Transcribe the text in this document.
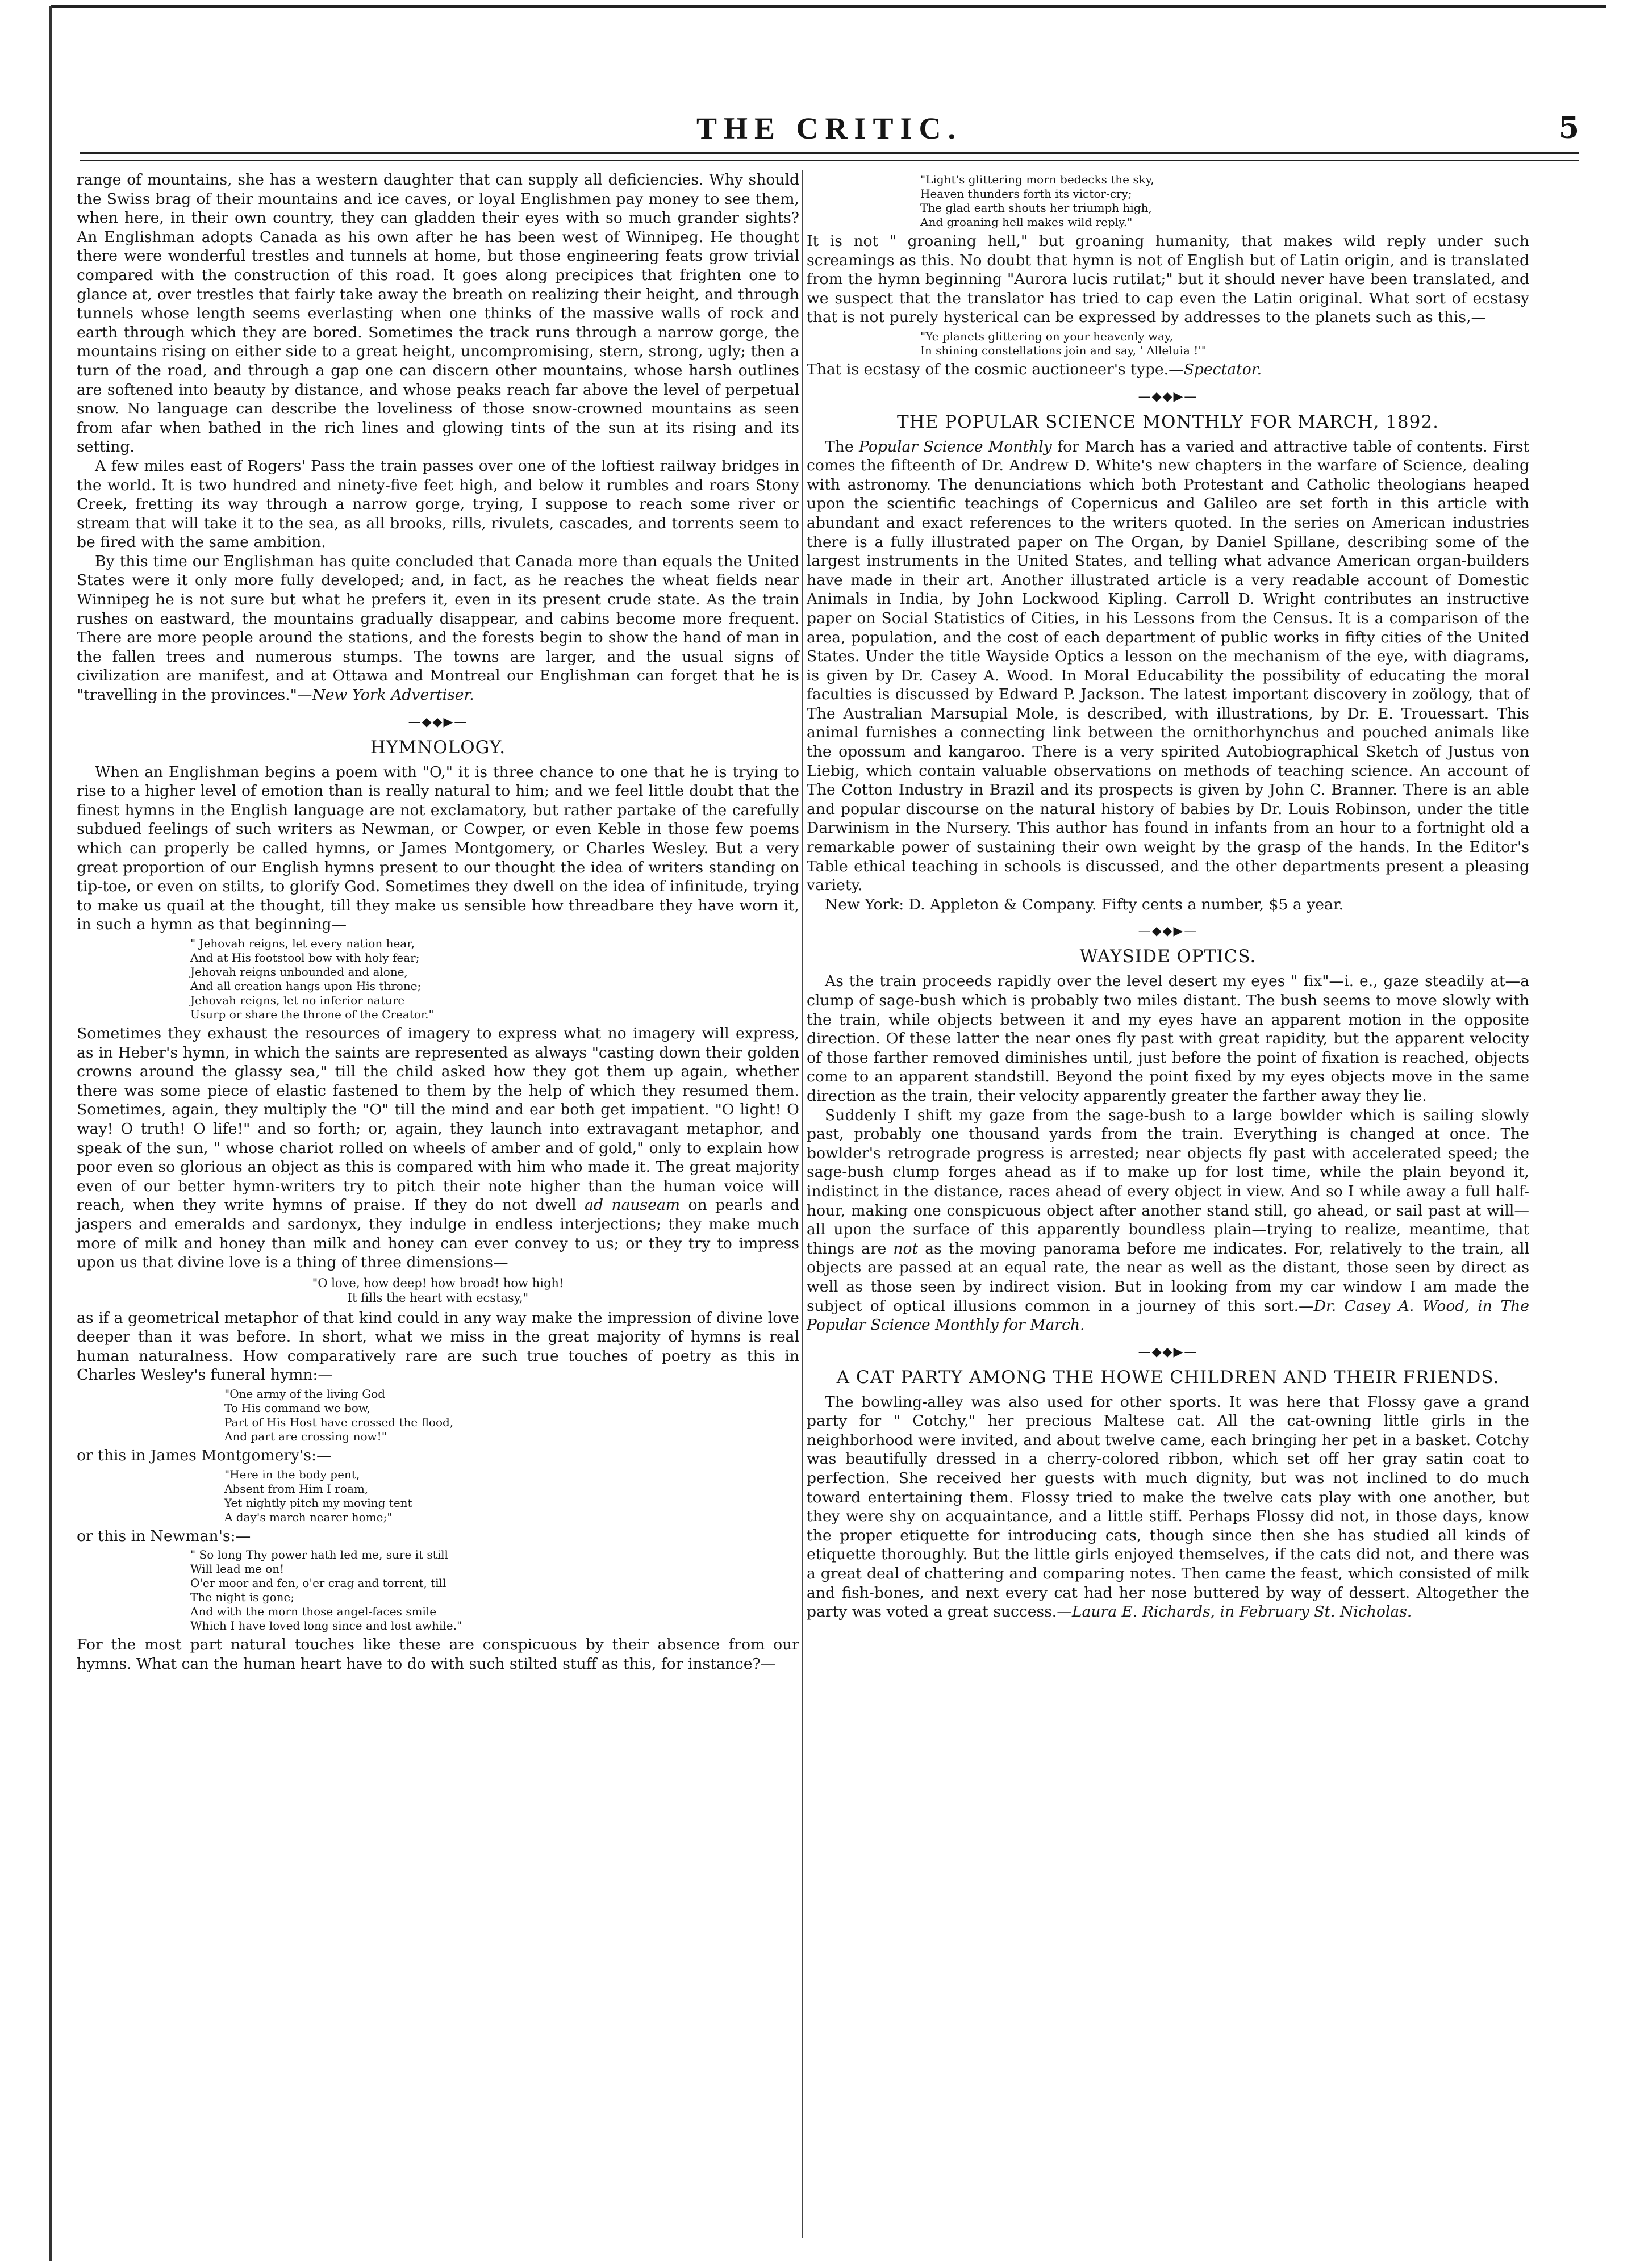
THE CRITIC.	5

range of mountains, she has a western daughter that can supply all deficiencies. Why should the Swiss brag of their mountains and ice caves, or loyal Englishmen pay money to see them, when here, in their own country, they can gladden their eyes with so much grander sights? An Englishman adopts Canada as his own after he has been west of Winnipeg. He thought there were wonderful trestles and tunnels at home, but those engineering feats grow trivial compared with the construction of this road. It goes along precipices that frighten one to glance at, over trestles that fairly take away the breath on realizing their height, and through tunnels whose length seems everlasting when one thinks of the massive walls of rock and earth through which they are bored. Sometimes the track runs through a narrow gorge, the mountains rising on either side to a great height, uncompromising, stern, strong, ugly; then a turn of the road, and through a gap one can discern other mountains, whose harsh outlines are softened into beauty by distance, and whose peaks reach far above the level of perpetual snow. No language can describe the loveliness of those snow-crowned mountains as seen from afar when bathed in the rich lines and glowing tints of the sun at its rising and its setting.

A few miles east of Rogers' Pass the train passes over one of the loftiest railway bridges in the world. It is two hundred and ninety-five feet high, and below it rumbles and roars Stony Creek, fretting its way through a narrow gorge, trying, I suppose to reach some river or stream that will take it to the sea, as all brooks, rills, rivulets, cascades, and torrents seem to be fired with the same ambition.

By this time our Englishman has quite concluded that Canada more than equals the United States were it only more fully developed; and, in fact, as he reaches the wheat fields near Winnipeg he is not sure but what he prefers it, even in its present crude state. As the train rushes on eastward, the mountains gradually disappear, and cabins become more frequent. There are more people around the stations, and the forests begin to show the hand of man in the fallen trees and numerous stumps. The towns are larger, and the usual signs of civilization are manifest, and at Ottawa and Montreal our Englishman can forget that he is "travelling in the provinces."—New York Advertiser.

—◆◆▶—
HYMNOLOGY.

When an Englishman begins a poem with "O," it is three chance to one that he is trying to rise to a higher level of emotion than is really natural to him; and we feel little doubt that the finest hymns in the English language are not exclamatory, but rather partake of the carefully subdued feelings of such writers as Newman, or Cowper, or even Keble in those few poems which can properly be called hymns, or James Montgomery, or Charles Wesley. But a very great proportion of our English hymns present to our thought the idea of writers standing on tip-toe, or even on stilts, to glorify God. Sometimes they dwell on the idea of infinitude, trying to make us quail at the thought, till they make us sensible how threadbare they have worn it, in such a hymn as that beginning—

" Jehovah reigns, let every nation hear,
And at His footstool bow with holy fear;
Jehovah reigns unbounded and alone,
And all creation hangs upon His throne;
Jehovah reigns, let no inferior nature
Usurp or share the throne of the Creator."

Sometimes they exhaust the resources of imagery to express what no imagery will express, as in Heber's hymn, in which the saints are represented as always "casting down their golden crowns around the glassy sea," till the child asked how they got them up again, whether there was some piece of elastic fastened to them by the help of which they resumed them. Sometimes, again, they multiply the "O" till the mind and ear both get impatient. "O light! O way! O truth! O life!" and so forth; or, again, they launch into extravagant metaphor, and speak of the sun, " whose chariot rolled on wheels of amber and of gold," only to explain how poor even so glorious an object as this is compared with him who made it. The great majority even of our better hymn-writers try to pitch their note higher than the human voice will reach, when they write hymns of praise. If they do not dwell ad nauseam on pearls and jaspers and emeralds and sardonyx, they indulge in endless interjections; they make much more of milk and honey than milk and honey can ever convey to us; or they try to impress upon us that divine love is a thing of three dimensions—

"O love, how deep! how broad! how high!
It fills the heart with ecstasy,"

as if a geometrical metaphor of that kind could in any way make the impression of divine love deeper than it was before. In short, what we miss in the great majority of hymns is real human naturalness. How comparatively rare are such true touches of poetry as this in Charles Wesley's funeral hymn:—

"One army of the living God
To His command we bow,
Part of His Host have crossed the flood,
And part are crossing now!"

or this in James Montgomery's:—

"Here in the body pent,
Absent from Him I roam,
Yet nightly pitch my moving tent
A day's march nearer home;"

or this in Newman's:—

" So long Thy power hath led me, sure it still
Will lead me on!
O'er moor and fen, o'er crag and torrent, till
The night is gone;
And with the morn those angel-faces smile
Which I have loved long since and lost awhile."

For the most part natural touches like these are conspicuous by their absence from our hymns. What can the human heart have to do with such stilted stuff as this, for instance?—

"Light's glittering morn bedecks the sky,
Heaven thunders forth its victor-cry;
The glad earth shouts her triumph high,
And groaning hell makes wild reply."

It is not " groaning hell," but groaning humanity, that makes wild reply under such screamings as this. No doubt that hymn is not of English but of Latin origin, and is translated from the hymn beginning "Aurora lucis rutilat;" but it should never have been translated, and we suspect that the translator has tried to cap even the Latin original. What sort of ecstasy that is not purely hysterical can be expressed by addresses to the planets such as this,—

"Ye planets glittering on your heavenly way,
In shining constellations join and say, ' Alleluia !'"

That is ecstasy of the cosmic auctioneer's type.—Spectator.

—◆◆▶—
THE POPULAR SCIENCE MONTHLY FOR MARCH, 1892.

The Popular Science Monthly for March has a varied and attractive table of contents. First comes the fifteenth of Dr. Andrew D. White's new chapters in the warfare of Science, dealing with astronomy. The denunciations which both Protestant and Catholic theologians heaped upon the scientific teachings of Copernicus and Galileo are set forth in this article with abundant and exact references to the writers quoted. In the series on American industries there is a fully illustrated paper on The Organ, by Daniel Spillane, describing some of the largest instruments in the United States, and telling what advance American organ-builders have made in their art. Another illustrated article is a very readable account of Domestic Animals in India, by John Lockwood Kipling. Carroll D. Wright contributes an instructive paper on Social Statistics of Cities, in his Lessons from the Census. It is a comparison of the area, population, and the cost of each department of public works in fifty cities of the United States. Under the title Wayside Optics a lesson on the mechanism of the eye, with diagrams, is given by Dr. Casey A. Wood. In Moral Educability the possibility of educating the moral faculties is discussed by Edward P. Jackson. The latest important discovery in zoölogy, that of The Australian Marsupial Mole, is described, with illustrations, by Dr. E. Trouessart. This animal furnishes a connecting link between the ornithorhynchus and pouched animals like the opossum and kangaroo. There is a very spirited Autobiographical Sketch of Justus von Liebig, which contain valuable observations on methods of teaching science. An account of The Cotton Industry in Brazil and its prospects is given by John C. Branner. There is an able and popular discourse on the natural history of babies by Dr. Louis Robinson, under the title Darwinism in the Nursery. This author has found in infants from an hour to a fortnight old a remarkable power of sustaining their own weight by the grasp of the hands. In the Editor's Table ethical teaching in schools is discussed, and the other departments present a pleasing variety.

New York: D. Appleton & Company. Fifty cents a number, $5 a year.

—◆◆▶—
WAYSIDE OPTICS.

As the train proceeds rapidly over the level desert my eyes " fix"—i. e., gaze steadily at—a clump of sage-bush which is probably two miles distant. The bush seems to move slowly with the train, while objects between it and my eyes have an apparent motion in the opposite direction. Of these latter the near ones fly past with great rapidity, but the apparent velocity of those farther removed diminishes until, just before the point of fixation is reached, objects come to an apparent standstill. Beyond the point fixed by my eyes objects move in the same direction as the train, their velocity apparently greater the farther away they lie.

Suddenly I shift my gaze from the sage-bush to a large bowlder which is sailing slowly past, probably one thousand yards from the train. Everything is changed at once. The bowlder's retrograde progress is arrested; near objects fly past with accelerated speed; the sage-bush clump forges ahead as if to make up for lost time, while the plain beyond it, indistinct in the distance, races ahead of every object in view. And so I while away a full half-hour, making one conspicuous object after another stand still, go ahead, or sail past at will—all upon the surface of this apparently boundless plain—trying to realize, meantime, that things are not as the moving panorama before me indicates. For, relatively to the train, all objects are passed at an equal rate, the near as well as the distant, those seen by direct as well as those seen by indirect vision. But in looking from my car window I am made the subject of optical illusions common in a journey of this sort.—Dr. Casey A. Wood, in The Popular Science Monthly for March.

—◆◆▶—
A CAT PARTY AMONG THE HOWE CHILDREN AND THEIR FRIENDS.

The bowling-alley was also used for other sports. It was here that Flossy gave a grand party for " Cotchy," her precious Maltese cat. All the cat-owning little girls in the neighborhood were invited, and about twelve came, each bringing her pet in a basket. Cotchy was beautifully dressed in a cherry-colored ribbon, which set off her gray satin coat to perfection. She received her guests with much dignity, but was not inclined to do much toward entertaining them. Flossy tried to make the twelve cats play with one another, but they were shy on acquaintance, and a little stiff. Perhaps Flossy did not, in those days, know the proper etiquette for introducing cats, though since then she has studied all kinds of etiquette thoroughly. But the little girls enjoyed themselves, if the cats did not, and there was a great deal of chattering and comparing notes. Then came the feast, which consisted of milk and fish-bones, and next every cat had her nose buttered by way of dessert. Altogether the party was voted a great success.—Laura E. Richards, in February St. Nicholas.
